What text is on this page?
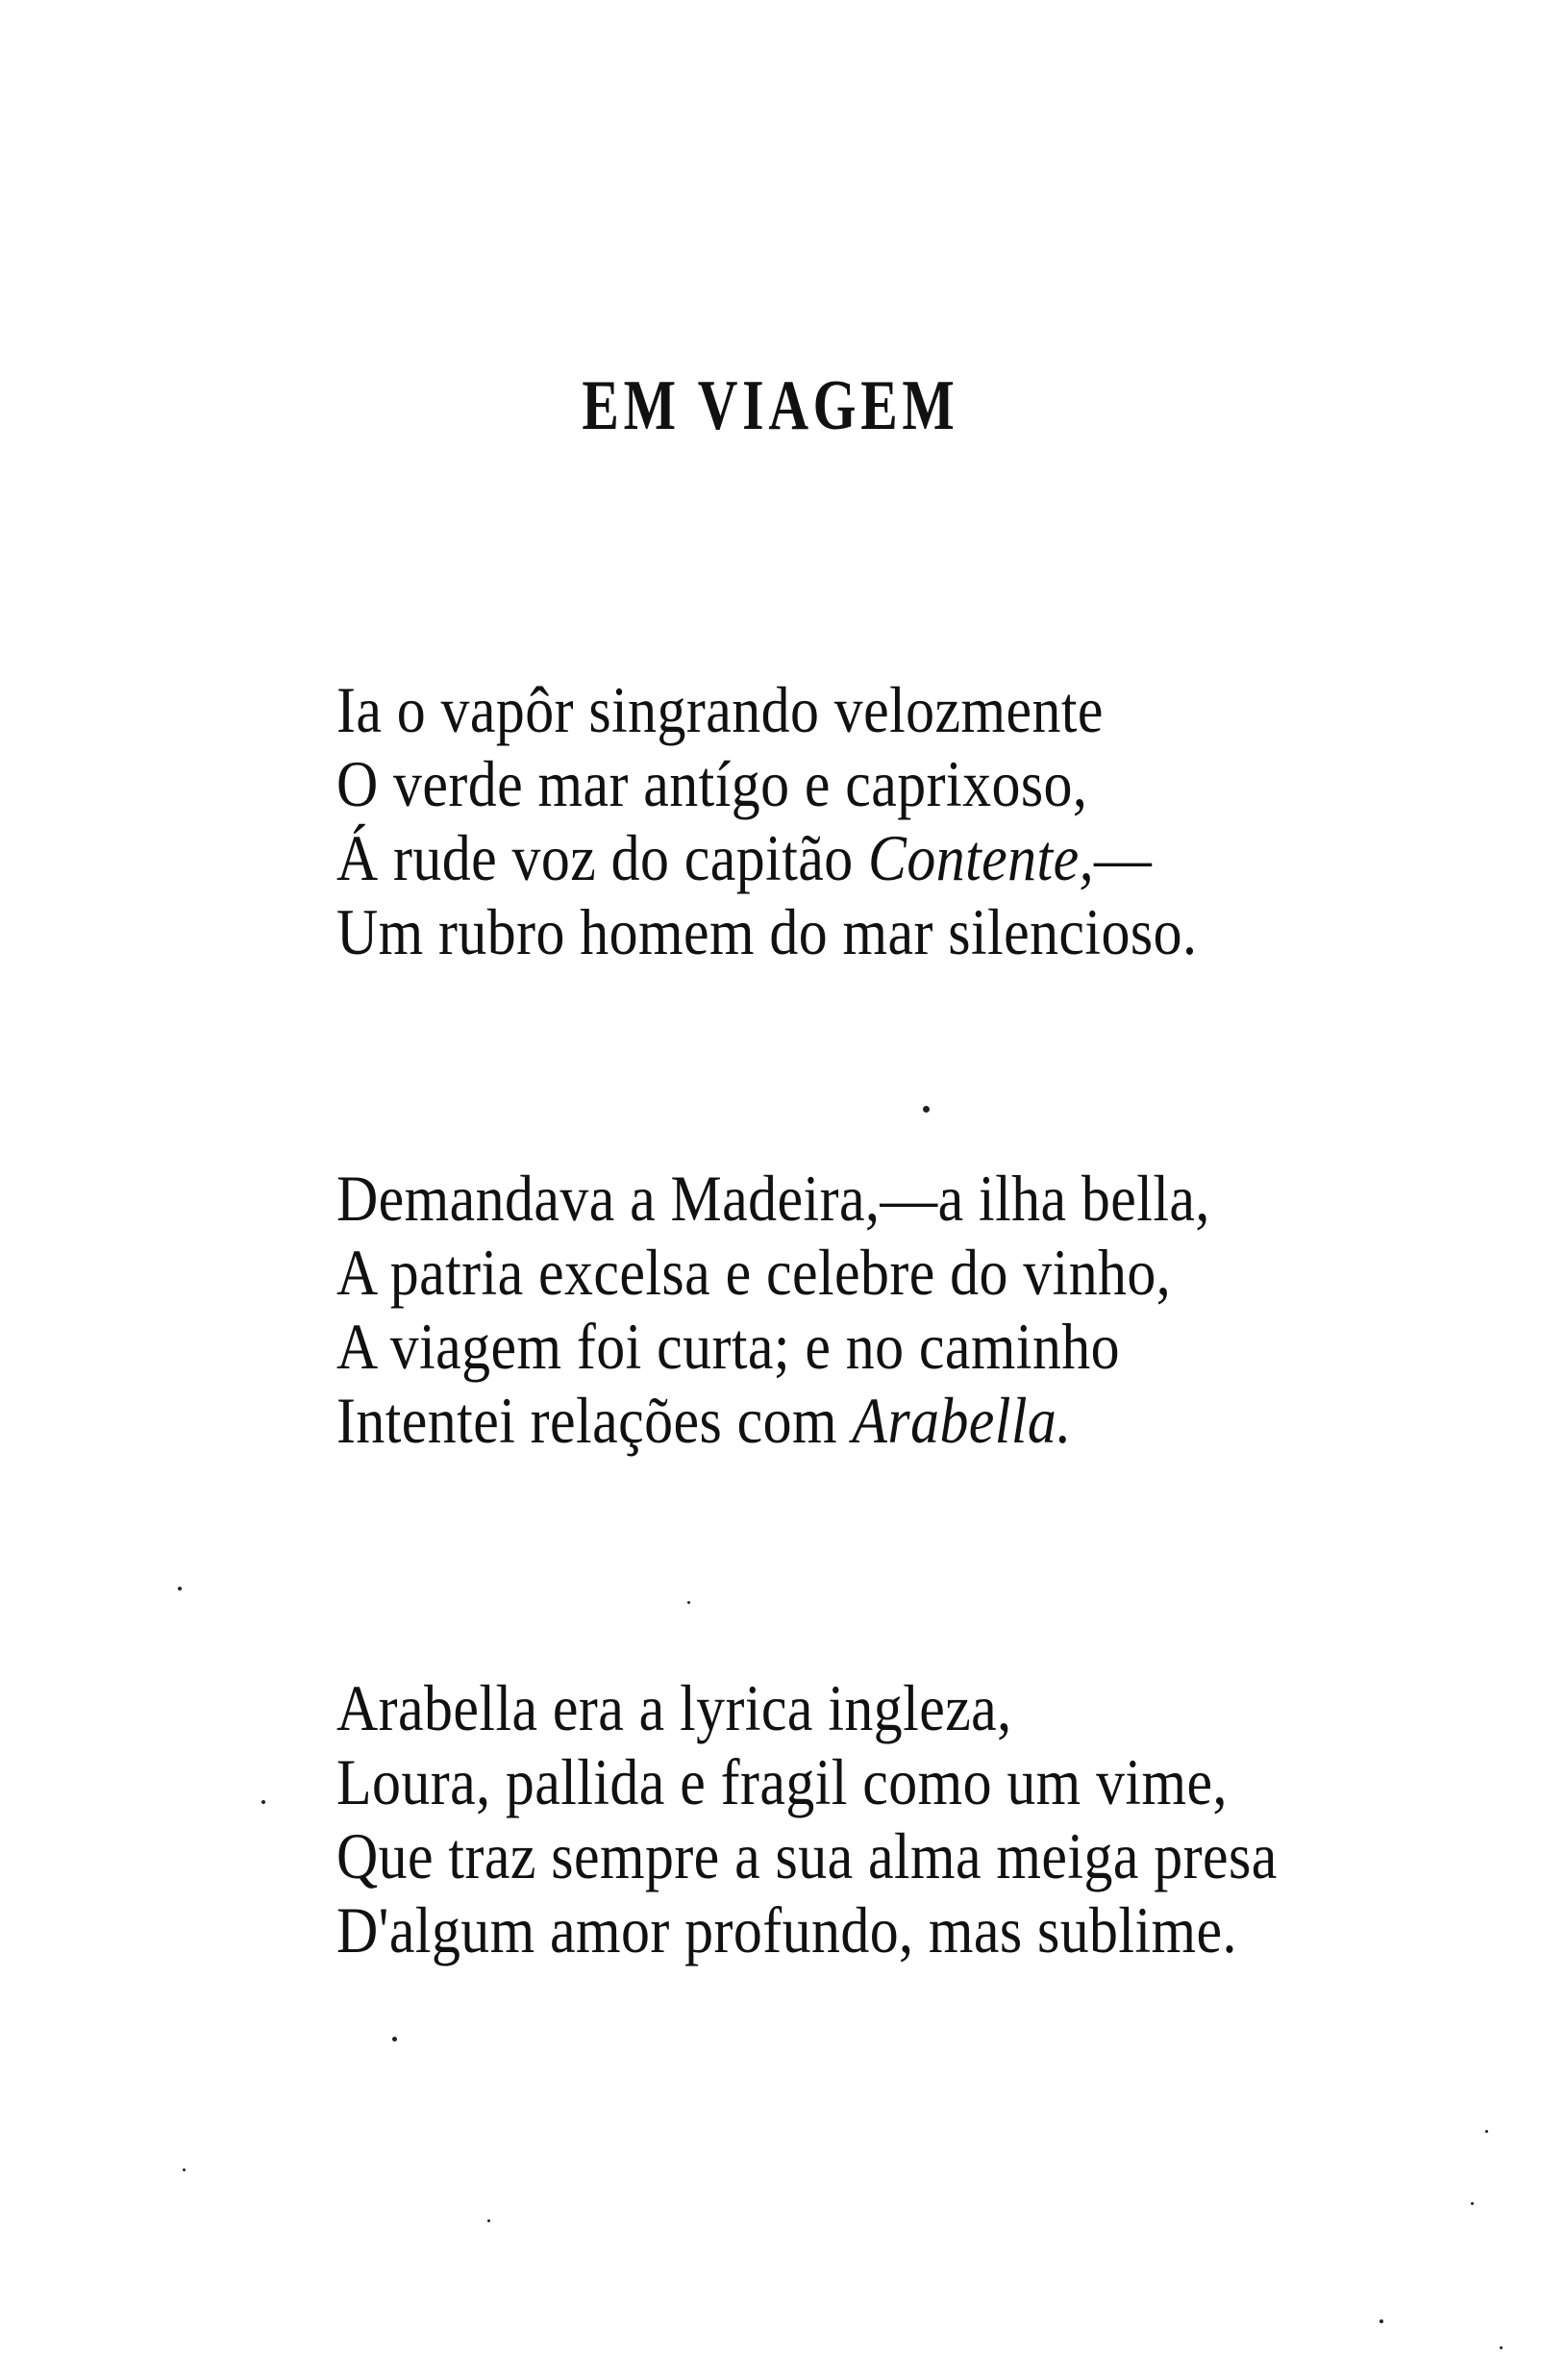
EM VIAGEM
Ia o vapôr singrando velozmente
O verde mar antígo e caprixoso,
Á rude voz do capitão Contente,—
Um rubro homem do mar silencioso.
Demandava a Madeira,—a ilha bella,
A patria excelsa e celebre do vinho,
A viagem foi curta; e no caminho
Intentei relações com Arabella.
Arabella era a lyrica ingleza,
Loura, pallida e fragil como um vime,
Que traz sempre a sua alma meiga presa
D'algum amor profundo, mas sublime.
